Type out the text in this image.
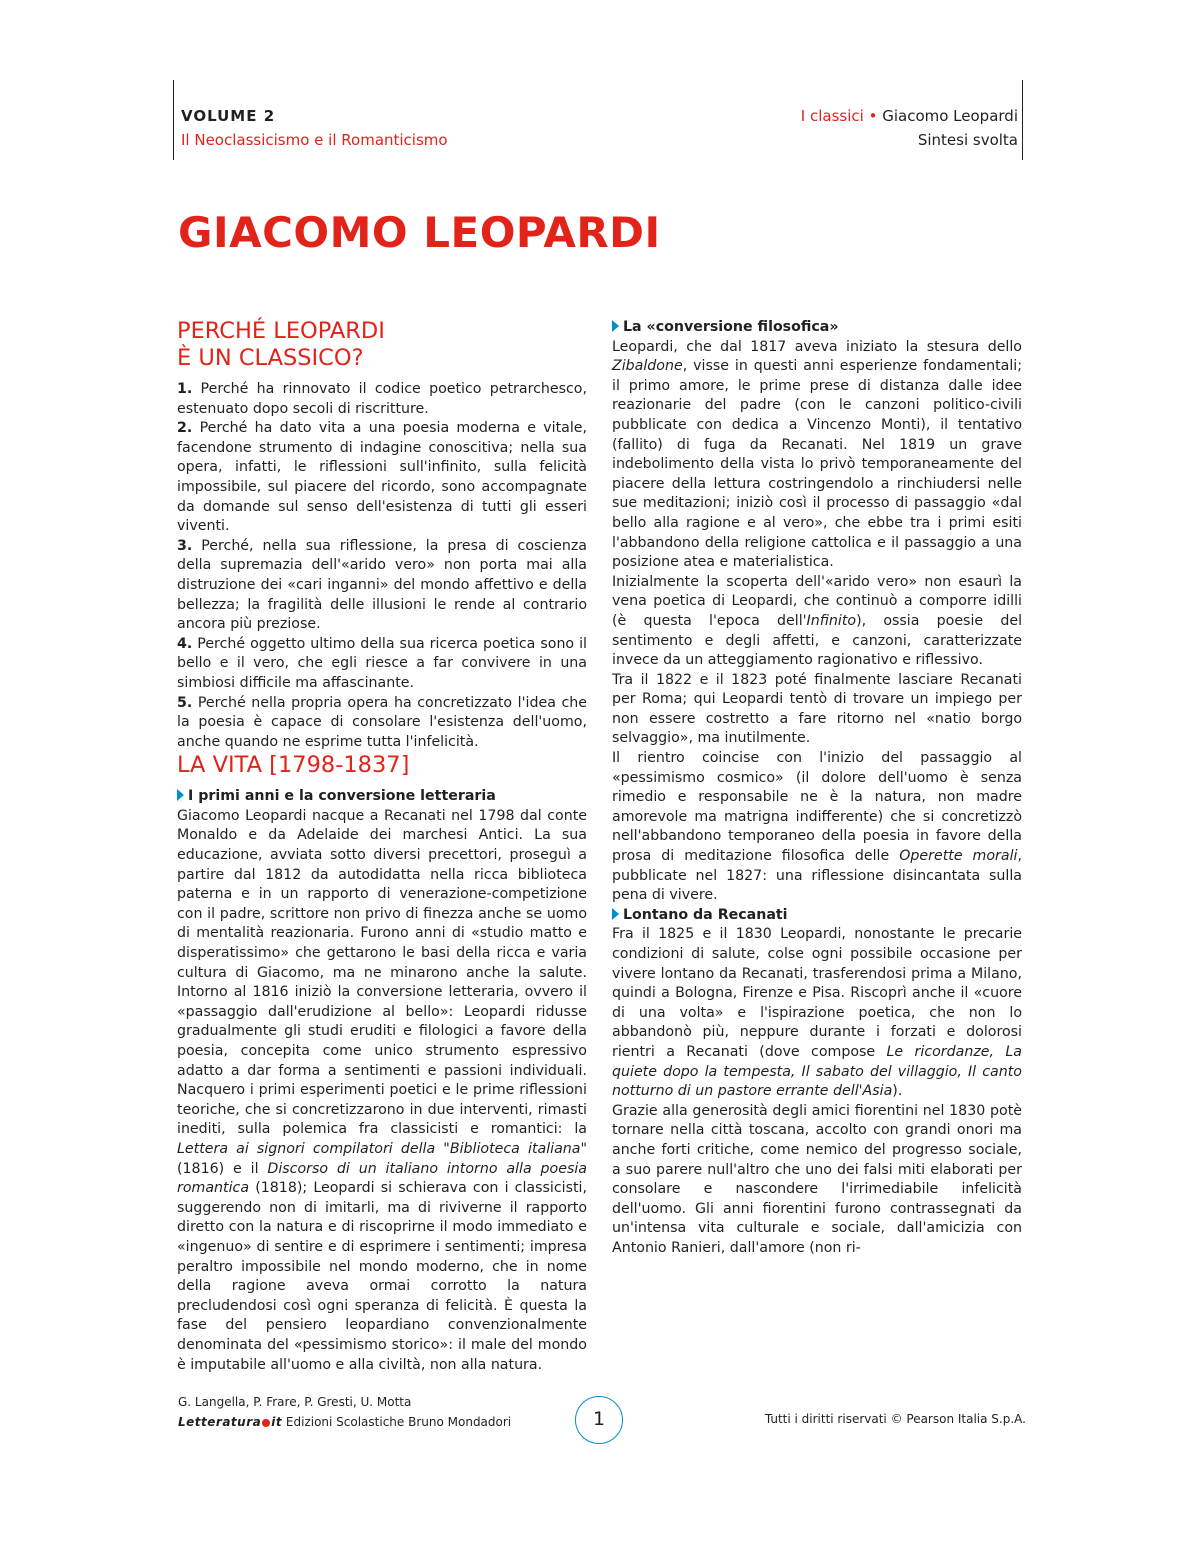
VOLUME 2
Il Neoclassicismo e il Romanticismo
I classici • Giacomo Leopardi
Sintesi svolta
GIACOMO LEOPARDI
PERCHÉ LEOPARDI
È UN CLASSICO?

1. Perché ha rinnovato il codice poetico petrarchesco, estenuato dopo secoli di riscritture.

2. Perché ha dato vita a una poesia moderna e vitale, facendone strumento di indagine conoscitiva; nella sua opera, infatti, le riflessioni sull'infinito, sulla felicità impossibile, sul piacere del ricordo, sono accompagnate da domande sul senso dell'esistenza di tutti gli esseri viventi.

3. Perché, nella sua riflessione, la presa di coscienza della supremazia dell'«arido vero» non porta mai alla distruzione dei «cari inganni» del mondo affettivo e della bellezza; la fragilità delle illusioni le rende al contrario ancora più preziose.

4. Perché oggetto ultimo della sua ricerca poetica sono il bello e il vero, che egli riesce a far convivere in una simbiosi difficile ma affascinante.

5. Perché nella propria opera ha concretizzato l'idea che la poesia è capace di consolare l'esistenza dell'uomo, anche quando ne esprime tutta l'infelicità.

LA VITA [1798-1837]
I primi anni e la conversione letteraria

Giacomo Leopardi nacque a Recanati nel 1798 dal conte Monaldo e da Adelaide dei marchesi Antici. La sua educazione, avviata sotto diversi precettori, proseguì a partire dal 1812 da autodidatta nella ricca biblioteca paterna e in un rapporto di venerazione-competizione con il padre, scrittore non privo di finezza anche se uomo di mentalità reazionaria. Furono anni di «studio matto e disperatissimo» che gettarono le basi della ricca e varia cultura di Giacomo, ma ne minarono anche la salute. Intorno al 1816 iniziò la conversione letteraria, ovvero il «passaggio dall'erudizione al bello»: Leopardi ridusse gradualmente gli studi eruditi e filologici a favore della poesia, concepita come unico strumento espressivo adatto a dar forma a sentimenti e passioni individuali. Nacquero i primi esperimenti poetici e le prime riflessioni teoriche, che si concretizzarono in due interventi, rimasti inediti, sulla polemica fra classicisti e romantici: la Lettera ai signori compilatori della "Biblioteca italiana" (1816) e il Discorso di un italiano intorno alla poesia romantica (1818); Leopardi si schierava con i classicisti, suggerendo non di imitarli, ma di riviverne il rapporto diretto con la natura e di riscoprirne il modo immediato e «ingenuo» di sentire e di esprimere i sentimenti; impresa peraltro impossibile nel mondo moderno, che in nome della ragione aveva ormai corrotto la natura precludendosi così ogni speranza di felicità. È questa la fase del pensiero leopardiano convenzionalmente denominata del «pessimismo storico»: il male del mondo è imputabile all'uomo e alla civiltà, non alla natura.

La «conversione filosofica»

Leopardi, che dal 1817 aveva iniziato la stesura dello Zibaldone, visse in questi anni esperienze fondamentali; il primo amore, le prime prese di distanza dalle idee reazionarie del padre (con le canzoni politico-civili pubblicate con dedica a Vincenzo Monti), il tentativo (fallito) di fuga da Recanati. Nel 1819 un grave indebolimento della vista lo privò temporaneamente del piacere della lettura costringendolo a rinchiudersi nelle sue meditazioni; iniziò così il processo di passaggio «dal bello alla ragione e al vero», che ebbe tra i primi esiti l'abbandono della religione cattolica e il passaggio a una posizione atea e materialistica.

Inizialmente la scoperta dell'«arido vero» non esaurì la vena poetica di Leopardi, che continuò a comporre idilli (è questa l'epoca dell'Infinito), ossia poesie del sentimento e degli affetti, e canzoni, caratterizzate invece da un atteggiamento ragionativo e riflessivo.

Tra il 1822 e il 1823 poté finalmente lasciare Recanati per Roma; qui Leopardi tentò di trovare un impiego per non essere costretto a fare ritorno nel «natio borgo selvaggio», ma inutilmente.

Il rientro coincise con l'inizio del passaggio al «pessimismo cosmico» (il dolore dell'uomo è senza rimedio e responsabile ne è la natura, non madre amorevole ma matrigna indifferente) che si concretizzò nell'abbandono temporaneo della poesia in favore della prosa di meditazione filosofica delle Operette morali, pubblicate nel 1827: una riflessione disincantata sulla pena di vivere.

Lontano da Recanati

Fra il 1825 e il 1830 Leopardi, nonostante le precarie condizioni di salute, colse ogni possibile occasione per vivere lontano da Recanati, trasferendosi prima a Milano, quindi a Bologna, Firenze e Pisa. Riscoprì anche il «cuore di una volta» e l'ispirazione poetica, che non lo abbandonò più, neppure durante i forzati e dolorosi rientri a Recanati (dove compose Le ricordanze, La quiete dopo la tempesta, Il sabato del villaggio, Il canto notturno di un pastore errante dell'Asia).

Grazie alla generosità degli amici fiorentini nel 1830 potè tornare nella città toscana, accolto con grandi onori ma anche forti critiche, come nemico del progresso sociale, a suo parere null'altro che uno dei falsi miti elaborati per consolare e nascondere l'irrimediabile infelicità dell'uomo. Gli anni fiorentini furono contrassegnati da un'intensa vita culturale e sociale, dall'amicizia con Antonio Ranieri, dall'amore (non ri-

G. Langella, P. Frare, P. Gresti, U. Motta
Letteratura it Edizioni Scolastiche Bruno Mondadori	1	Tutti i diritti riservati © Pearson Italia S.p.A.
